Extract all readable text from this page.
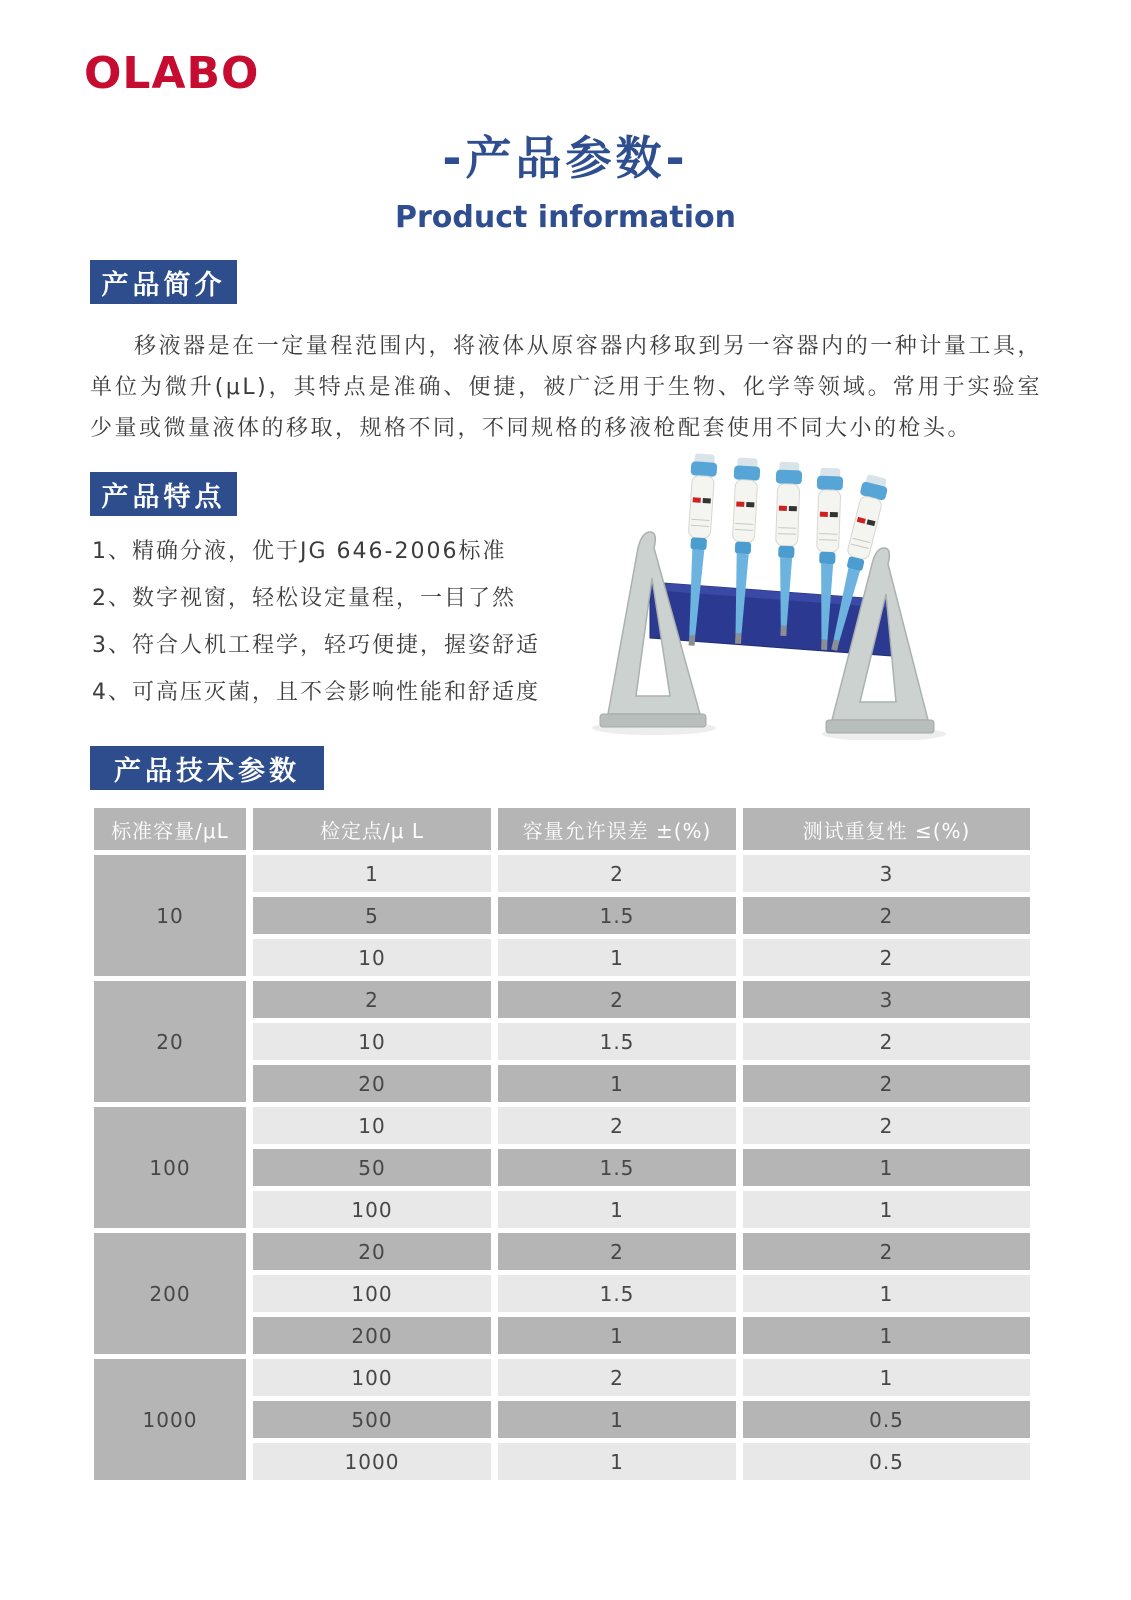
OLABO
-产品参数-
Product information
产品简介
移液器是在一定量程范围内，将液体从原容器内移取到另一容器内的一种计量工具，单位为微升(μL)，其特点是准确、便捷，被广泛用于生物、化学等领域。常用于实验室少量或微量液体的移取，规格不同，不同规格的移液枪配套使用不同大小的枪头。
产品特点
1、精确分液，优于JG 646-2006标准
2、数字视窗，轻松设定量程，一目了然
3、符合人机工程学，轻巧便捷，握姿舒适
4、可高压灭菌，且不会影响性能和舒适度
产品技术参数
标准容量/μL	检定点/μ L	容量允许误差 ±(%)	测试重复性 ≤(%)
10
1	2	3
5	1.5	2
10	1	2
20
2	2	3
10	1.5	2
20	1	2
100
10	2	2
50	1.5	1
100	1	1
200
20	2	2
100	1.5	1
200	1	1
1000
100	2	1
500	1	0.5
1000	1	0.5
